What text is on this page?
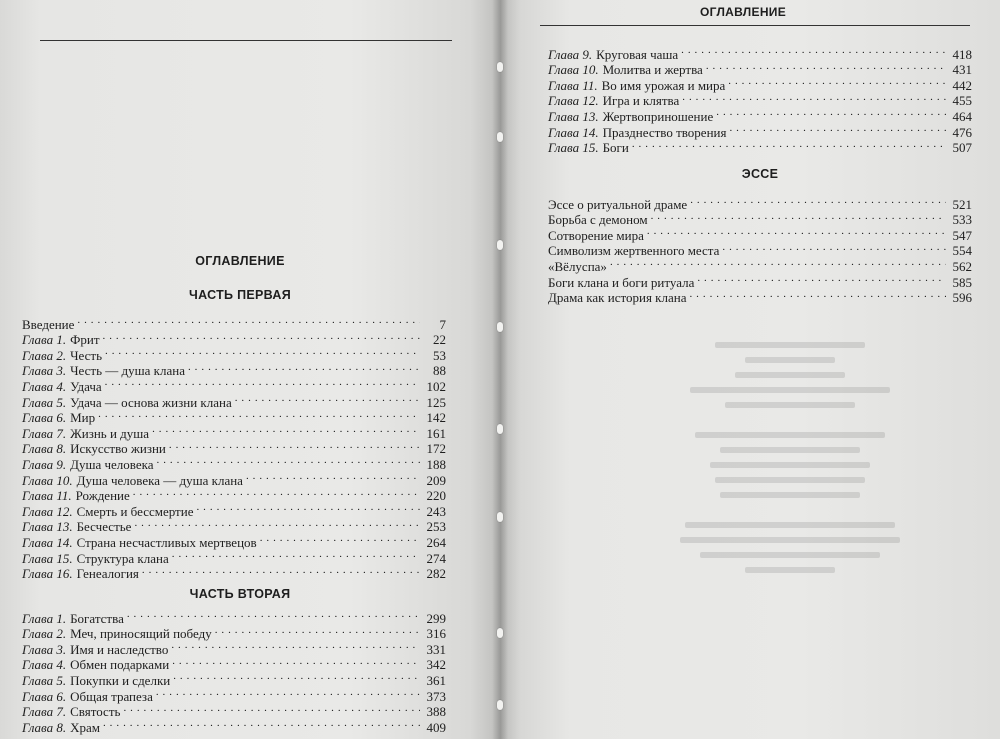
ОГЛАВЛЕНИЕ
ЧАСТЬ ПЕРВАЯ
Введение . . .	7
Глава 1. Фрит . . .	22
Глава 2. Честь . . .	53
Глава 3. Честь — душа клана . . .	88
Глава 4. Удача . . .	102
Глава 5. Удача — основа жизни клана . . .	125
Глава 6. Мир . . .	142
Глава 7. Жизнь и душа . . .	161
Глава 8. Искусство жизни . . .	172
Глава 9. Душа человека . . .	188
Глава 10. Душа человека — душа клана . . .	209
Глава 11. Рождение . . .	220
Глава 12. Смерть и бессмертие . . .	243
Глава 13. Бесчестье . . .	253
Глава 14. Страна несчастливых мертвецов . . .	264
Глава 15. Структура клана . . .	274
Глава 16. Генеалогия . . .	282
ЧАСТЬ ВТОРАЯ
Глава 1. Богатства . . .	299
Глава 2. Меч, приносящий победу . . .	316
Глава 3. Имя и наследство . . .	331
Глава 4. Обмен подарками . . .	342
Глава 5. Покупки и сделки . . .	361
Глава 6. Общая трапеза . . .	373
Глава 7. Святость . . .	388
Глава 8. Храм . . .	409
ОГЛАВЛЕНИЕ
Глава 9. Круговая чаша . . .	418
Глава 10. Молитва и жертва . . .	431
Глава 11. Во имя урожая и мира . . .	442
Глава 12. Игра и клятва . . .	455
Глава 13. Жертвоприношение . . .	464
Глава 14. Празднество творения . . .	476
Глава 15. Боги . . .	507
ЭССЕ
Эссе о ритуальной драме . . .	521
Борьба с демоном . . .	533
Сотворение мира . . .	547
Символизм жертвенного места . . .	554
«Вёлуспа» . . .	562
Боги клана и боги ритуала . . .	585
Драма как история клана . . .	596
